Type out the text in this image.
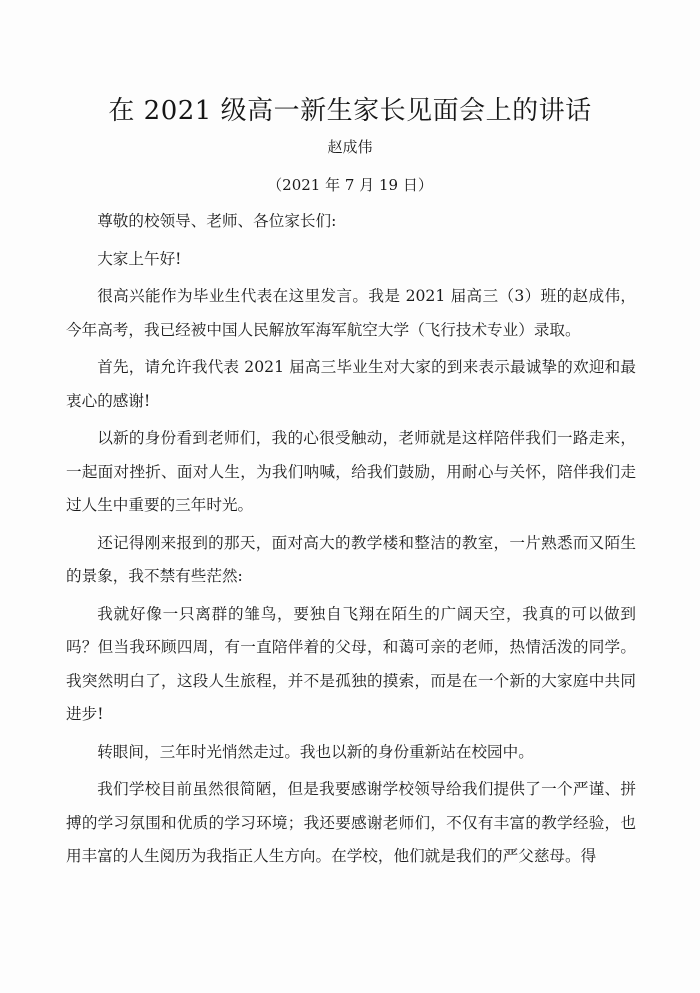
在 2021 级高一新生家长见面会上的讲话
赵成伟
（2021 年 7 月 19 日）

尊敬的校领导、老师、各位家长们:

大家上午好!

很高兴能作为毕业生代表在这里发言。我是 2021 届高三（3）班的赵成伟，今年高考，我已经被中国人民解放军海军航空大学（飞行技术专业）录取。

首先，请允许我代表 2021 届高三毕业生对大家的到来表示最诚挚的欢迎和最衷心的感谢!

以新的身份看到老师们，我的心很受触动，老师就是这样陪伴我们一路走来，一起面对挫折、面对人生，为我们呐喊，给我们鼓励，用耐心与关怀，陪伴我们走过人生中重要的三年时光。

还记得刚来报到的那天，面对高大的教学楼和整洁的教室，一片熟悉而又陌生的景象，我不禁有些茫然:

我就好像一只离群的雏鸟，要独自飞翔在陌生的广阔天空，我真的可以做到吗？但当我环顾四周，有一直陪伴着的父母，和蔼可亲的老师，热情活泼的同学。我突然明白了，这段人生旅程，并不是孤独的摸索，而是在一个新的大家庭中共同进步!

转眼间，三年时光悄然走过。我也以新的身份重新站在校园中。

我们学校目前虽然很简陋，但是我要感谢学校领导给我们提供了一个严谨、拼搏的学习氛围和优质的学习环境；我还要感谢老师们，不仅有丰富的教学经验，也用丰富的人生阅历为我指正人生方向。在学校，他们就是我们的严父慈母。得
